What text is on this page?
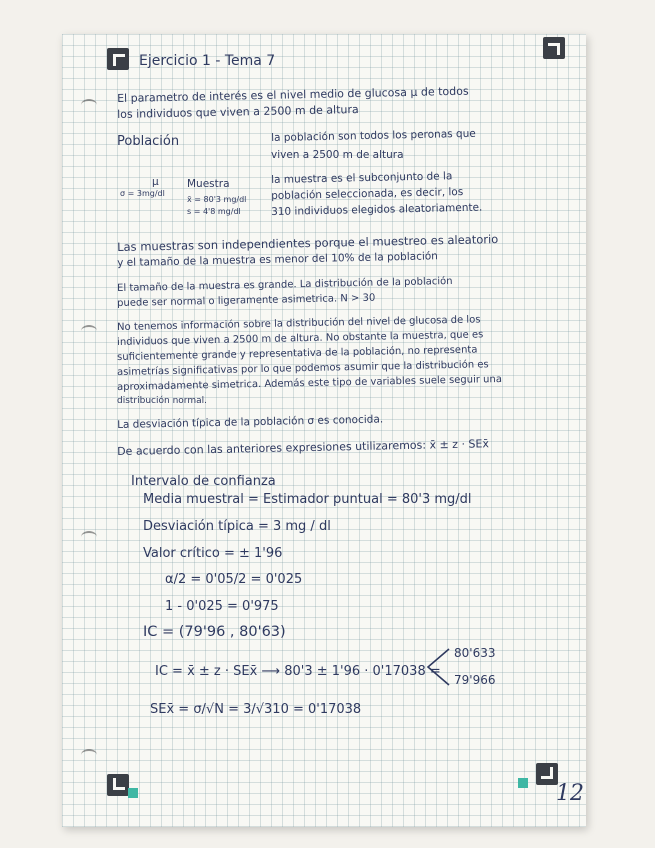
12
Ejercicio 1 - Tema 7
El parametro de interés es el nivel medio de glucosa μ de todos
los individuos que viven a 2500 m de altura
Población	la población son todos los peronas que
viven a 2500 m de altura
μ
σ = 3mg/dl
Muestra
x̄ = 80'3 mg/dl
s = 4'8 mg/dl
la muestra es el subconjunto de la
población seleccionada, es decir, los
310 individuos elegidos aleatoriamente.
Las muestras son independientes porque el muestreo es aleatorio
y el tamaño de la muestra es menor del 10% de la población
El tamaño de la muestra es grande. La distribución de la población
puede ser normal o ligeramente asimetrica. N > 30
No tenemos información sobre la distribución del nivel de glucosa de los
individuos que viven a 2500 m de altura. No obstante la muestra, que es
suficientemente grande y representativa de la población, no representa
asimetrías significativas por lo que podemos asumir que la distribución es
aproximadamente simetrica. Además este tipo de variables suele seguir una
distribución normal.
La desviación típica de la población σ es conocida.
De acuerdo con las anteriores expresiones utilizaremos: x̄ ± z · SEx̄
Intervalo de confianza
Media muestral = Estimador puntual = 80'3 mg/dl
Desviación típica = 3 mg / dl
Valor crítico = ± 1'96
α/2 = 0'05/2 = 0'025
1 - 0'025 = 0'975
IC = (79'96 , 80'63)
IC = x̄ ± z · SEx̄ ⟶ 80'3 ± 1'96 · 0'17038 =
80'633
79'966
SEx̄ = σ/√N = 3/√310 = 0'17038
